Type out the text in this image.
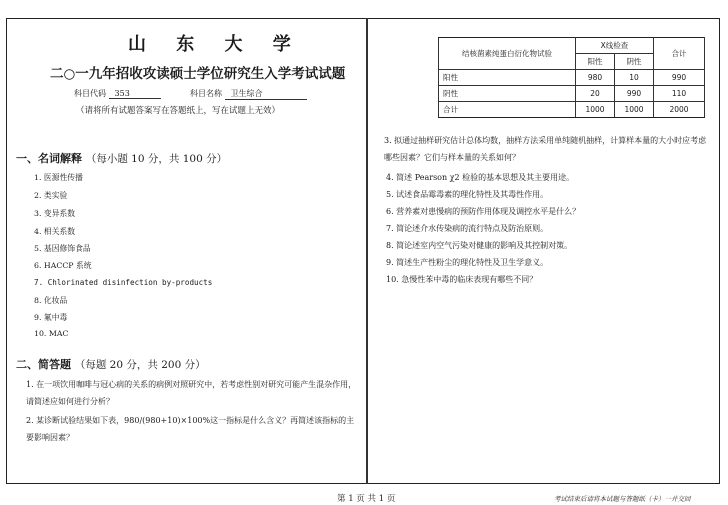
山 东 大 学
二○一九年招收攻读硕士学位研究生入学考试试题
科目代码 353	科目名称 卫生综合
（请将所有试题答案写在答题纸上，写在试题上无效）
一、名词解释 （每小题 10 分，共 100 分）
1. 医源性传播
2. 类实验
3. 变异系数
4. 相关系数
5. 基因修饰食品
6. HACCP 系统
7. Chlorinated disinfection by-products
8. 化妆品
9. 氟中毒
10. MAC
二、简答题 （每题 20 分，共 200 分）
1. 在一项饮用咖啡与冠心病的关系的病例对照研究中，若考虑性别对研究可能产生混杂作用，请简述应如何进行分析？
2. 某诊断试验结果如下表，980/(980+10)×100%这一指标是什么含义？再简述该指标的主要影响因素？
结核菌素纯蛋白衍化物试验	X线检查		合计
	阳性	阴性	
阳性	980	10	990
阴性	20	990	110
合计	1000	1000	2000
3. 拟通过抽样研究估计总体均数，抽样方法采用单纯随机抽样，计算样本量的大小时应考虑哪些因素？它们与样本量的关系如何？
4. 简述 Pearson χ2 检验的基本思想及其主要用途。
5. 试述食品霉毒素的理化特性及其毒性作用。
6. 营养素对患慢病的预防作用体现及调控水平是什么？
7. 简论述介水传染病的流行特点及防治原则。
8. 简论述室内空气污染对健康的影响及其控制对策。
9. 简述生产性粉尘的理化特性及卫生学意义。
10. 急慢性苯中毒的临床表现有哪些不同？
第 1 页 共 1 页	考试结束后请将本试题与答题纸（卡）一并交回
